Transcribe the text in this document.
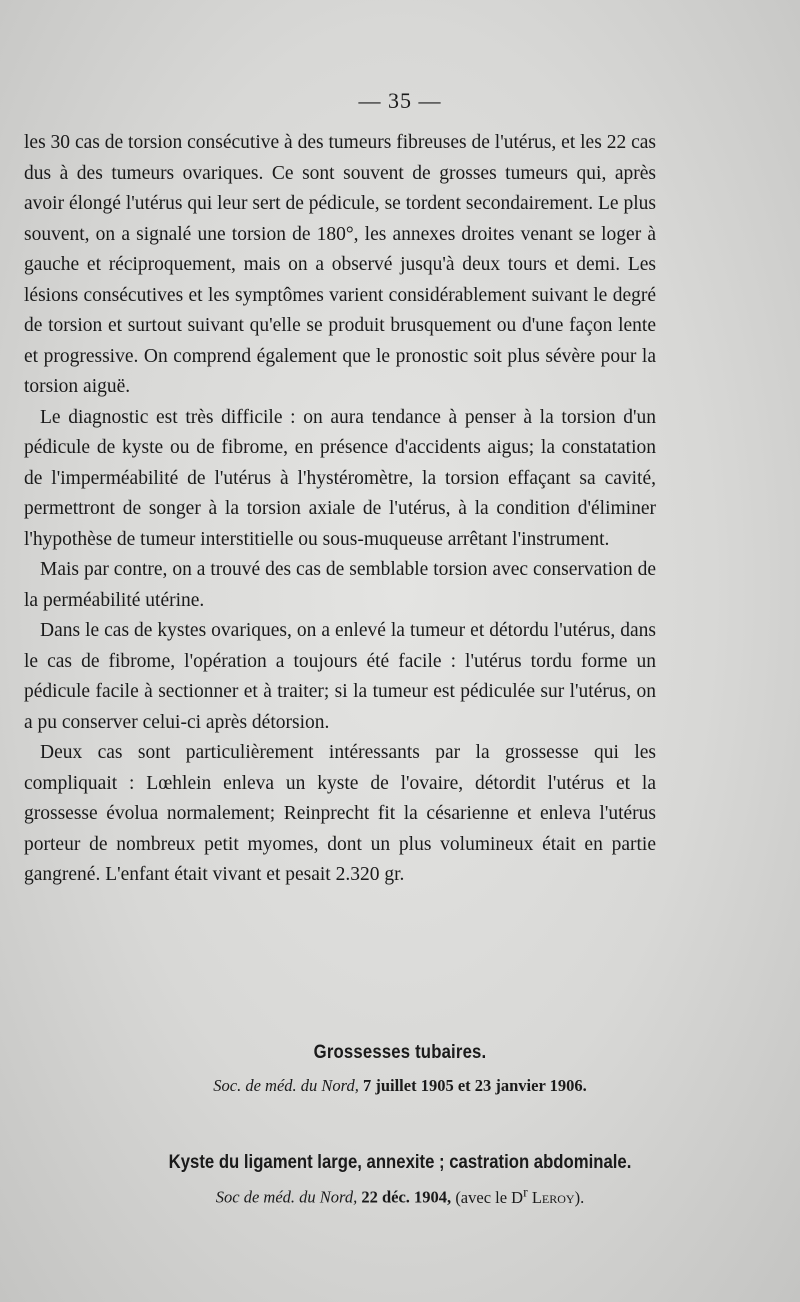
— 35 —

les 30 cas de torsion consécutive à des tumeurs fibreuses de l'utérus, et les 22 cas dus à des tumeurs ovariques. Ce sont souvent de grosses tumeurs qui, après avoir élongé l'utérus qui leur sert de pédicule, se tordent secondairement. Le plus souvent, on a signalé une torsion de 180°, les annexes droites venant se loger à gauche et réciproquement, mais on a observé jusqu'à deux tours et demi. Les lésions consécutives et les symptômes varient considérablement suivant le degré de torsion et surtout suivant qu'elle se produit brusquement ou d'une façon lente et progressive. On comprend également que le pronostic soit plus sévère pour la torsion aiguë.

Le diagnostic est très difficile : on aura tendance à penser à la torsion d'un pédicule de kyste ou de fibrome, en présence d'accidents aigus; la constatation de l'imperméabilité de l'utérus à l'hystéromètre, la torsion effaçant sa cavité, permettront de songer à la torsion axiale de l'utérus, à la condition d'éliminer l'hypothèse de tumeur interstitielle ou sous-muqueuse arrêtant l'instrument.

Mais par contre, on a trouvé des cas de semblable torsion avec conservation de la perméabilité utérine.

Dans le cas de kystes ovariques, on a enlevé la tumeur et détordu l'utérus, dans le cas de fibrome, l'opération a toujours été facile : l'utérus tordu forme un pédicule facile à sectionner et à traiter; si la tumeur est pédiculée sur l'utérus, on a pu conserver celui-ci après détorsion.

Deux cas sont particulièrement intéressants par la grossesse qui les compliquait : Lœhlein enleva un kyste de l'ovaire, détordit l'utérus et la grossesse évolua normalement; Reinprecht fit la césarienne et enleva l'utérus porteur de nombreux petit myomes, dont un plus volumineux était en partie gangrené. L'enfant était vivant et pesait 2.320 gr.

Grossesses tubaires.
Soc. de méd. du Nord, 7 juillet 1905 et 23 janvier 1906.
Kyste du ligament large, annexite ; castration abdominale.
Soc de méd. du Nord, 22 déc. 1904, (avec le $D^r$ Leroy).
